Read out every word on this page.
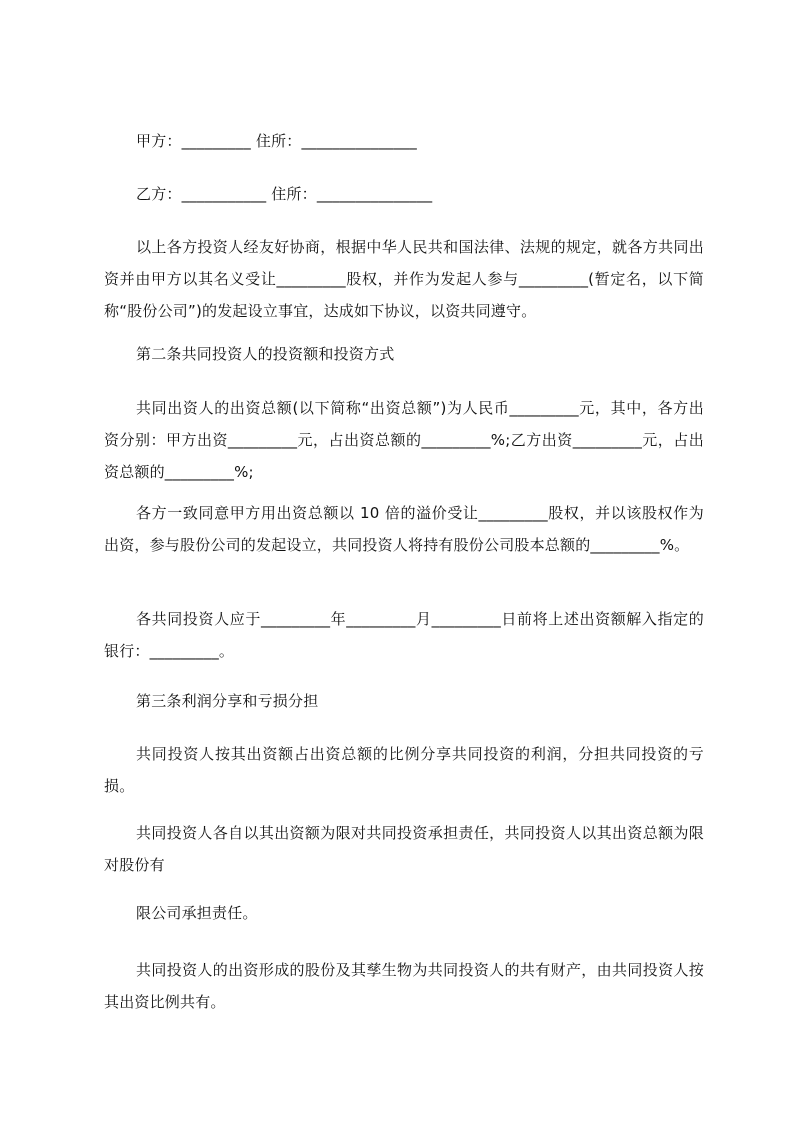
甲方：_________ 住所：_______________
乙方：___________ 住所：_______________
以上各方投资人经友好协商，根据中华人民共和国法律、法规的规定，就各方共同出资并由甲方以其名义受让_________股权，并作为发起人参与_________(暂定名，以下简称“股份公司”)的发起设立事宜，达成如下协议，以资共同遵守。
第二条共同投资人的投资额和投资方式
共同出资人的出资总额(以下简称“出资总额”)为人民币_________元，其中，各方出资分别：甲方出资_________元，占出资总额的_________%;乙方出资_________元，占出资总额的_________%;
各方一致同意甲方用出资总额以 10 倍的溢价受让_________股权，并以该股权作为出资，参与股份公司的发起设立，共同投资人将持有股份公司股本总额的_________%。
各共同投资人应于_________年_________月_________日前将上述出资额解入指定的银行：_________。
第三条利润分享和亏损分担
共同投资人按其出资额占出资总额的比例分享共同投资的利润，分担共同投资的亏损。
共同投资人各自以其出资额为限对共同投资承担责任，共同投资人以其出资总额为限对股份有
限公司承担责任。
共同投资人的出资形成的股份及其孳生物为共同投资人的共有财产，由共同投资人按其出资比例共有。
